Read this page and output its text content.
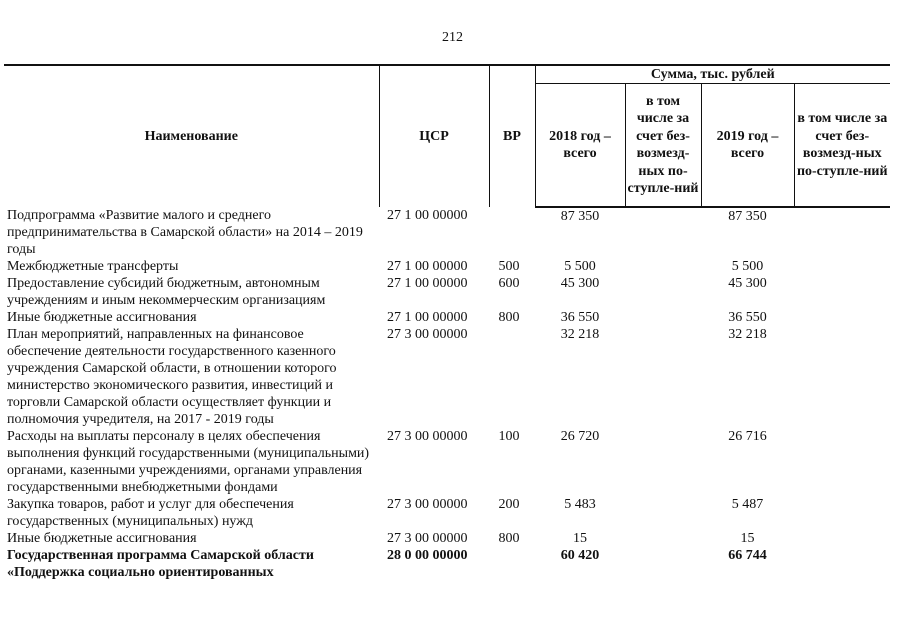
212
Наименование	ЦСР	ВР	Сумма, тыс. рублей			
			2018 год – всего	в том числе за счет без-возмезд-ных по-ступле-ний	2019 год – всего	в том числе за счет без-возмезд-ных по-ступле-ний
Подпрограмма «Развитие малого и среднего предпринимательства в Самарской области» на 2014 – 2019 годы	27 1 00 00000		87 350		87 350	
Межбюджетные трансферты	27 1 00 00000	500	5 500		5 500	
Предоставление субсидий бюджетным, автономным учреждениям и иным некоммерческим организациям	27 1 00 00000	600	45 300		45 300	
Иные бюджетные ассигнования	27 1 00 00000	800	36 550		36 550	
План мероприятий, направленных на финансовое обеспечение деятельности государственного казенного учреждения Самарской области, в отношении которого министерство экономического развития, инвестиций и торговли Самарской области осуществляет функции и полномочия учредителя, на 2017 - 2019 годы	27 3 00 00000		32 218		32 218	
Расходы на выплаты персоналу в целях обеспечения выполнения функций государственными (муниципальными) органами, казенными учреждениями, органами управления государственными внебюджетными фондами	27 3 00 00000	100	26 720		26 716	
Закупка товаров, работ и услуг для обеспечения государственных (муниципальных) нужд	27 3 00 00000	200	5 483		5 487	
Иные бюджетные ассигнования	27 3 00 00000	800	15		15	
Государственная программа Самарской области «Поддержка социально ориентированных	28 0 00 00000		60 420		66 744	
